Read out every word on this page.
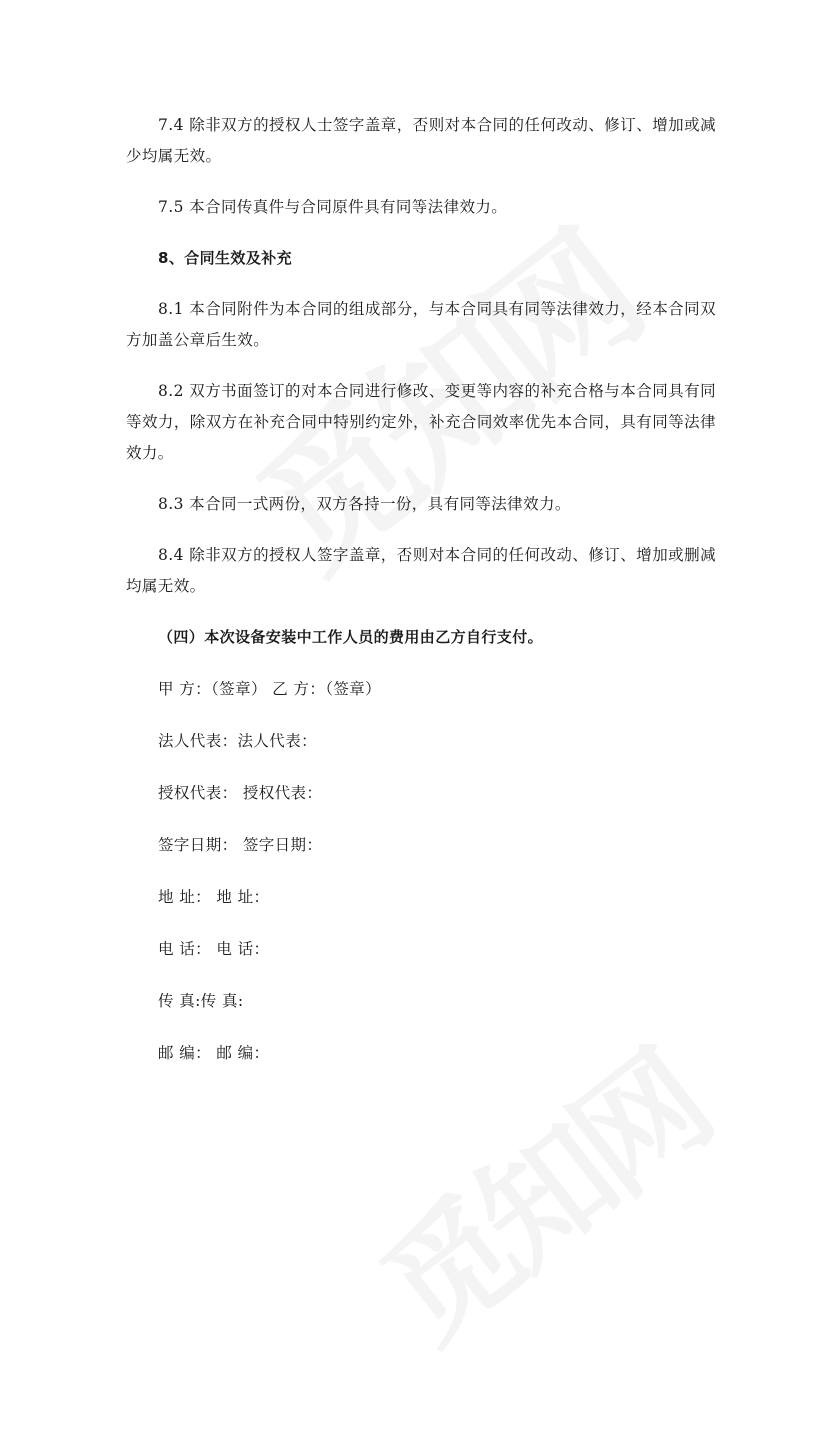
7.4 除非双方的授权人士签字盖章，否则对本合同的任何改动、修订、增加或减少均属无效。

7.5 本合同传真件与合同原件具有同等法律效力。

8、合同生效及补充

8.1 本合同附件为本合同的组成部分，与本合同具有同等法律效力，经本合同双方加盖公章后生效。

8.2 双方书面签订的对本合同进行修改、变更等内容的补充合格与本合同具有同等效力，除双方在补充合同中特别约定外，补充合同效率优先本合同，具有同等法律效力。

8.3 本合同一式两份，双方各持一份，具有同等法律效力。

8.4 除非双方的授权人签字盖章，否则对本合同的任何改动、修订、增加或删减均属无效。

（四）本次设备安装中工作人员的费用由乙方自行支付。

甲 方：（签章） 乙 方：（签章）
法人代表：法人代表：
授权代表： 授权代表：
签字日期： 签字日期：
地 址： 地 址：
电 话： 电 话：
传 真:传 真:
邮 编： 邮 编：
